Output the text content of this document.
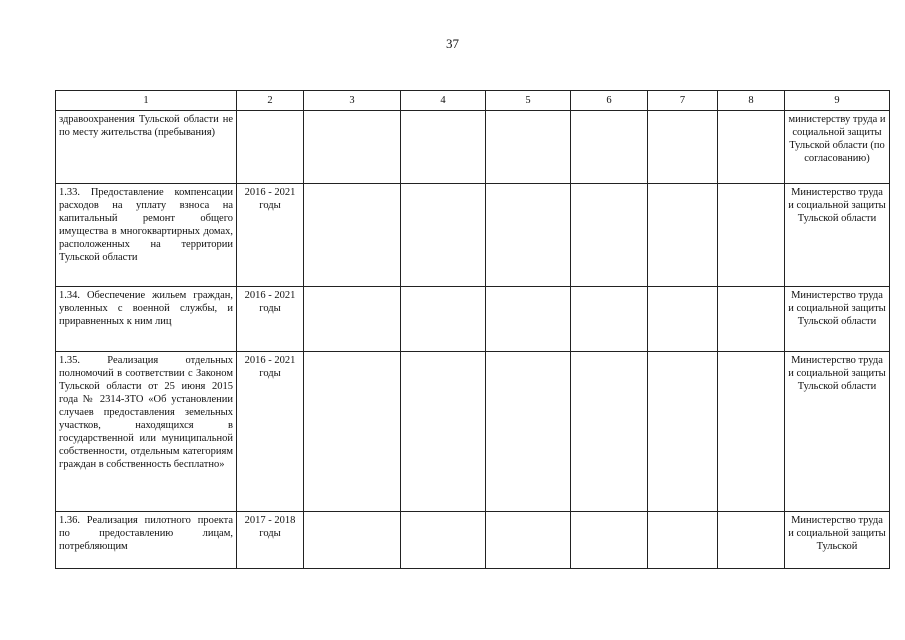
37
1	2	3	4	5	6	7	8	9
здравоохранения Тульской области не по месту жительства (пребывания)								министерству труда и социальной защиты Тульской области (по согласованию)
1.33. Предоставление компенсации расходов на уплату взноса на капитальный ремонт общего имущества в многоквартирных домах, расположенных на территории Тульской области	2016 - 2021 годы							Министерство труда и социальной защиты Тульской области
1.34. Обеспечение жильем граждан, уволенных с военной службы, и приравненных к ним лиц	2016 - 2021 годы							Министерство труда и социальной защиты Тульской области
1.35. Реализация отдельных полномочий в соответствии с Законом Тульской области от 25 июня 2015 года № 2314-ЗТО «Об установлении случаев предоставления земельных участков, находящихся в государственной или муниципальной собственности, отдельным категориям граждан в собственность бесплатно»	2016 - 2021 годы							Министерство труда и социальной защиты Тульской области
1.36. Реализация пилотного проекта по предоставлению лицам, потребляющим	2017 - 2018 годы							Министерство труда и социальной защиты Тульской
